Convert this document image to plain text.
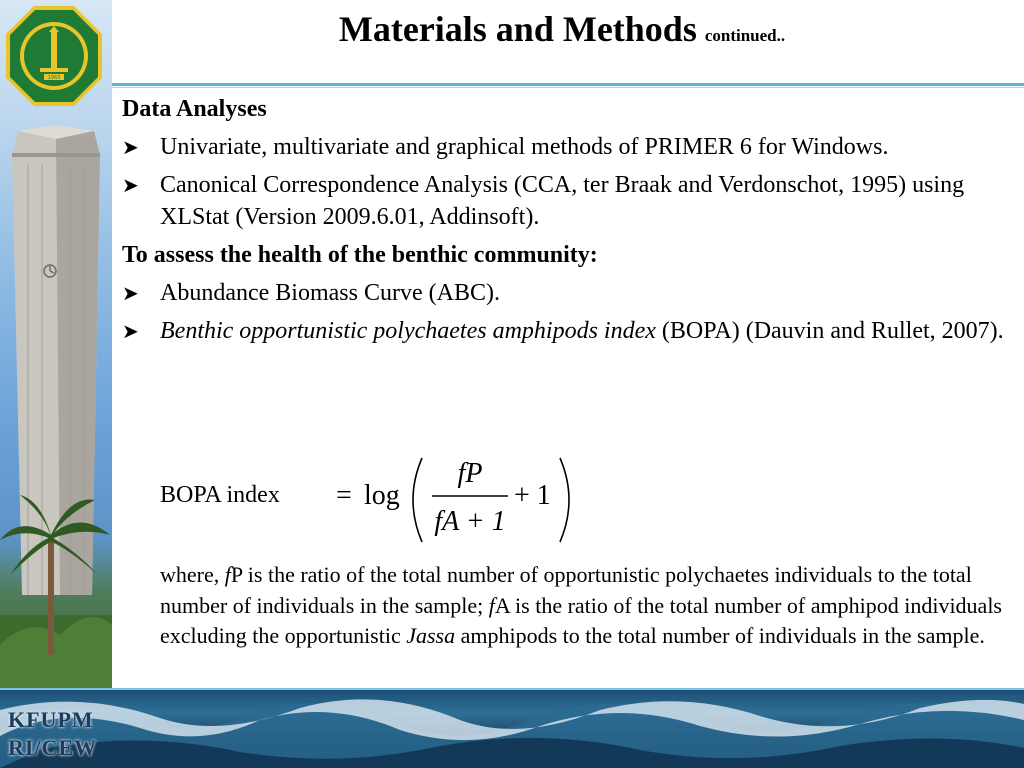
1963
Materials and Methods continued..

Data Analyses

➤ Univariate, multivariate and graphical methods of PRIMER 6 for Windows.

➤ Canonical Correspondence Analysis (CCA, ter Braak and Verdonschot, 1995) using XLStat (Version 2009.6.01, Addinsoft).

To assess the health of the benthic community:

➤ Abundance Biomass Curve (ABC).

➤ Benthic opportunistic polychaetes amphipods index (BOPA) (Dauvin and Rullet, 2007).

BOPA index = log
fP
fA + 1
+ 1
where, fP is the ratio of the total number of opportunistic polychaetes individuals to the total number of individuals in the sample; fA is the ratio of the total number of amphipod individuals excluding the opportunistic Jassa amphipods to the total number of individuals in the sample.
KFUPM
RI/CEW
